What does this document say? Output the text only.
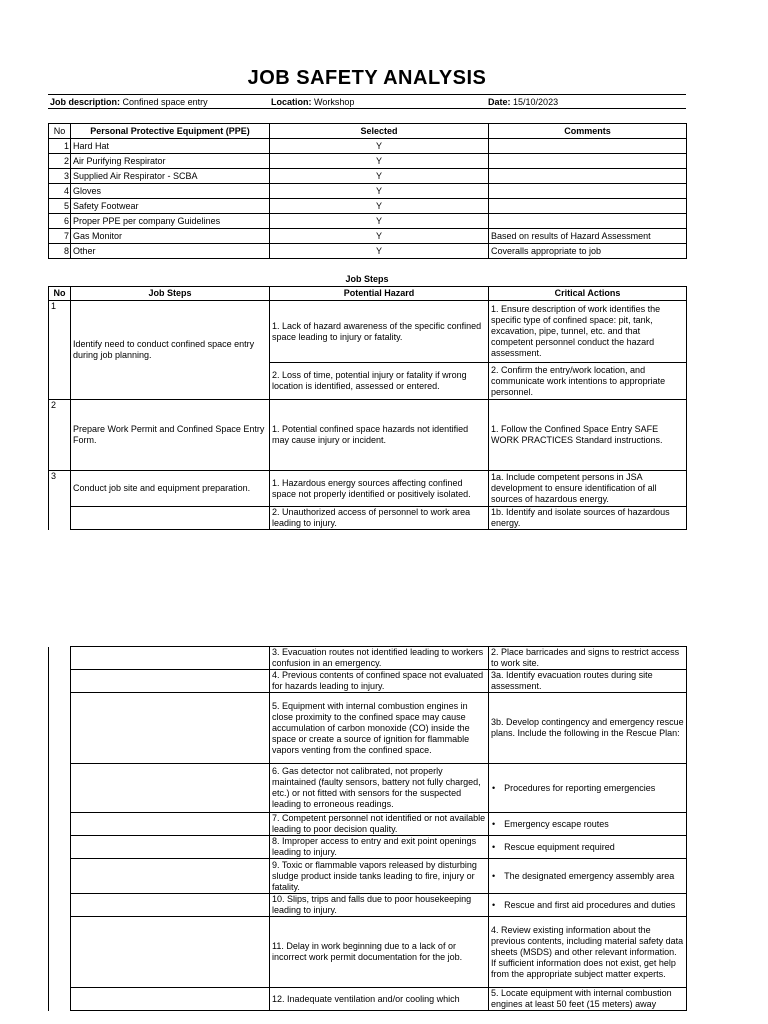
JOB SAFETY ANALYSIS
Job description: Confined space entry	Location: Workshop	Date: 15/10/2023
No	Personal Protective Equipment (PPE)	Selected	Comments
1	Hard Hat	Y	
2	Air Purifying Respirator	Y	
3	Supplied Air Respirator - SCBA	Y	
4	Gloves	Y	
5	Safety Footwear	Y	
6	Proper PPE per company Guidelines	Y	
7	Gas Monitor	Y	Based on results of Hazard Assessment
8	Other	Y	Coveralls appropriate to job
Job Steps
No	Job Steps	Potential Hazard	Critical Actions
1	Identify need to conduct confined space entry during job planning.	1. Lack of hazard awareness of the specific confined space leading to injury or fatality.	1. Ensure description of work identifies the specific type of confined space: pit, tank, excavation, pipe, tunnel, etc. and that competent personnel conduct the hazard assessment.
		2. Loss of time, potential injury or fatality if wrong location is identified, assessed or entered.	2. Confirm the entry/work location, and communicate work intentions to appropriate personnel.
2	Prepare Work Permit and Confined Space Entry Form.	1. Potential confined space hazards not identified may cause injury or incident.	1. Follow the Confined Space Entry SAFE WORK PRACTICES Standard instructions.
3	Conduct job site and equipment preparation.	1. Hazardous energy sources affecting confined space not properly identified or positively isolated.	1a. Include competent persons in JSA development to ensure identification of all sources of hazardous energy.
		2. Unauthorized access of personnel to work area leading to injury.	1b. Identify and isolate sources of hazardous energy.
		3. Evacuation routes not identified leading to workers confusion in an emergency.	2. Place barricades and signs to restrict access to work site.
		4. Previous contents of confined space not evaluated for hazards leading to injury.	3a. Identify evacuation routes during site assessment.
		5. Equipment with internal combustion engines in close proximity to the confined space may cause accumulation of carbon monoxide (CO) inside the space or create a source of ignition for flammable vapors venting from the confined space.	3b. Develop contingency and emergency rescue plans. Include the following in the Rescue Plan:
		6. Gas detector not calibrated, not properly maintained (faulty sensors, battery not fully charged, etc.) or not fitted with sensors for the suspected leading to erroneous readings.	• Procedures for reporting emergencies
		7. Competent personnel not identified or not available leading to poor decision quality.	• Emergency escape routes
		8. Improper access to entry and exit point openings leading to injury.	• Rescue equipment required
		9. Toxic or flammable vapors released by disturbing sludge product inside tanks leading to fire, injury or fatality.	• The designated emergency assembly area
		10. Slips, trips and falls due to poor housekeeping leading to injury.	• Rescue and first aid procedures and duties
		11. Delay in work beginning due to a lack of or incorrect work permit documentation for the job.	4. Review existing information about the previous contents, including material safety data sheets (MSDS) and other relevant information. If sufficient information does not exist, get help from the appropriate subject matter experts.
		12. Inadequate ventilation and/or cooling which	5. Locate equipment with internal combustion engines at least 50 feet (15 meters) away
